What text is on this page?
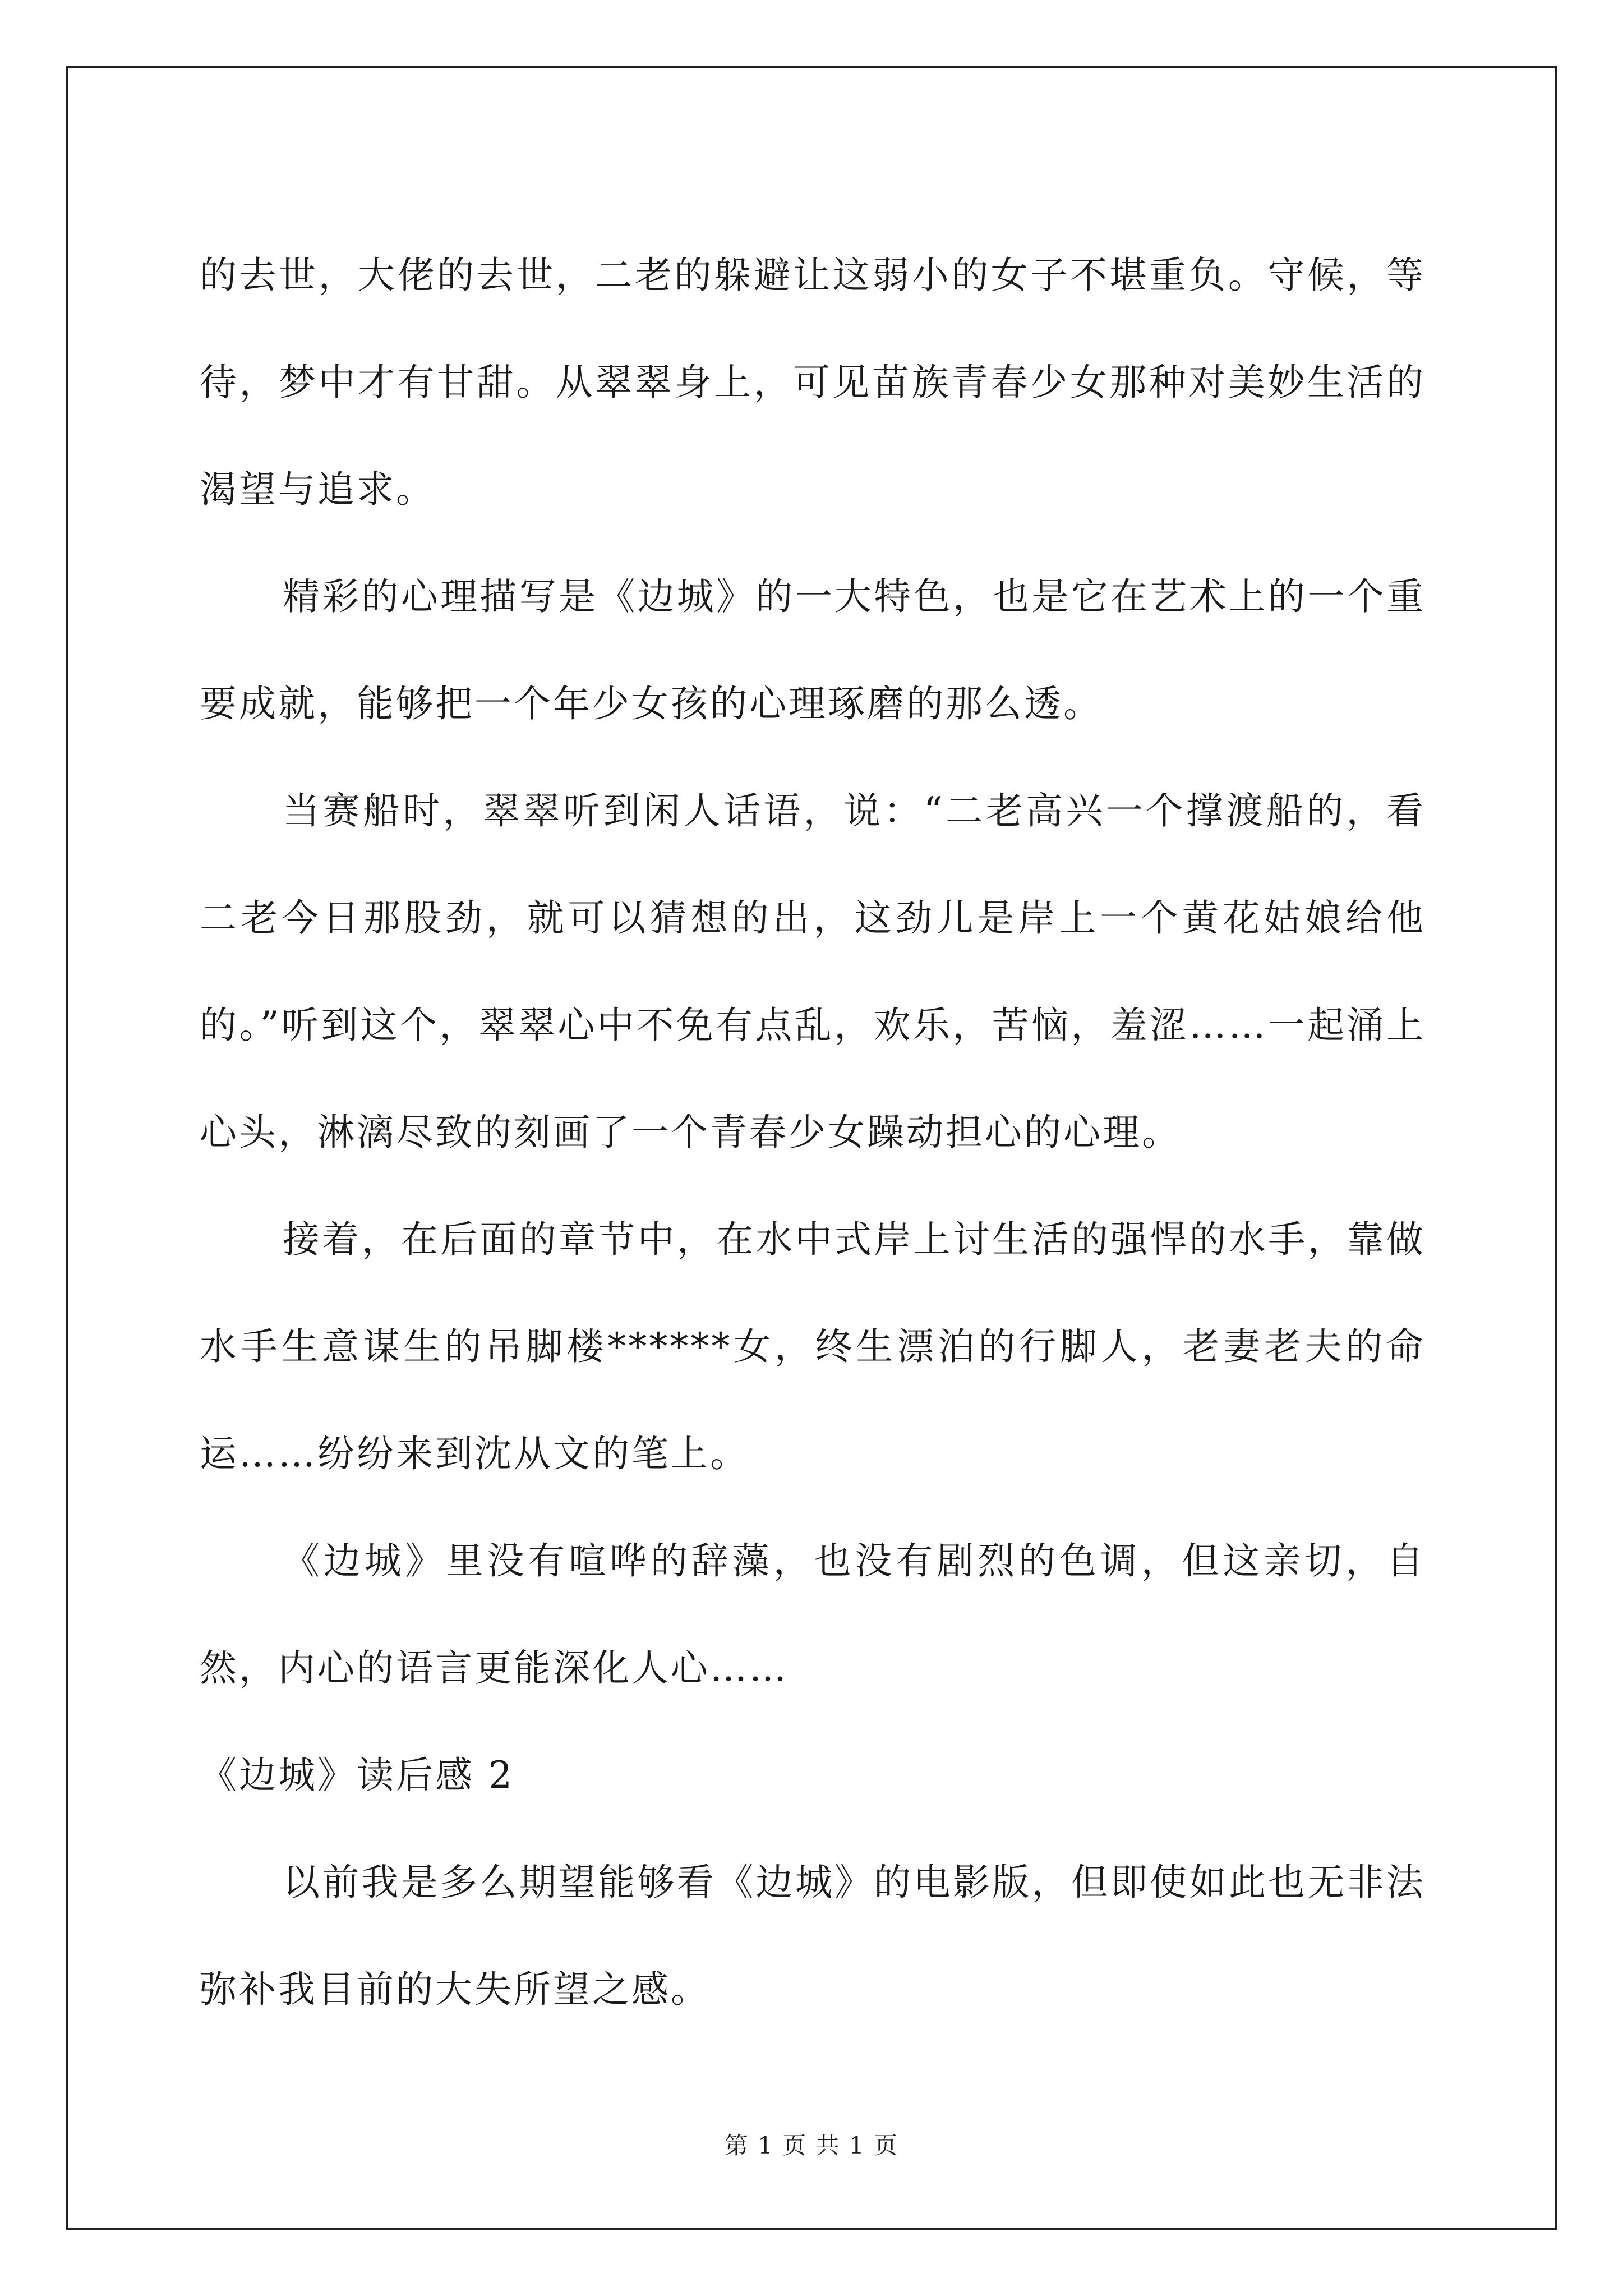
的去世，大佬的去世，二老的躲避让这弱小的女子不堪重负。守候，等待，梦中才有甘甜。从翠翠身上，可见苗族青春少女那种对美妙生活的渴望与追求。

精彩的心理描写是《边城》的一大特色，也是它在艺术上的一个重要成就，能够把一个年少女孩的心理琢磨的那么透。

当赛船时，翠翠听到闲人话语，说：“二老高兴一个撑渡船的，看二老今日那股劲，就可以猜想的出，这劲儿是岸上一个黄花姑娘给他的。”听到这个，翠翠心中不免有点乱，欢乐，苦恼，羞涩……一起涌上心头，淋漓尽致的刻画了一个青春少女躁动担心的心理。

接着，在后面的章节中，在水中式岸上讨生活的强悍的水手，靠做水手生意谋生的吊脚楼******女，终生漂泊的行脚人，老妻老夫的命运……纷纷来到沈从文的笔上。

《边城》里没有喧哗的辞藻，也没有剧烈的色调，但这亲切，自然，内心的语言更能深化人心……

《边城》读后感 2

以前我是多么期望能够看《边城》的电影版，但即使如此也无非法弥补我目前的大失所望之感。

第 1 页 共 1 页
